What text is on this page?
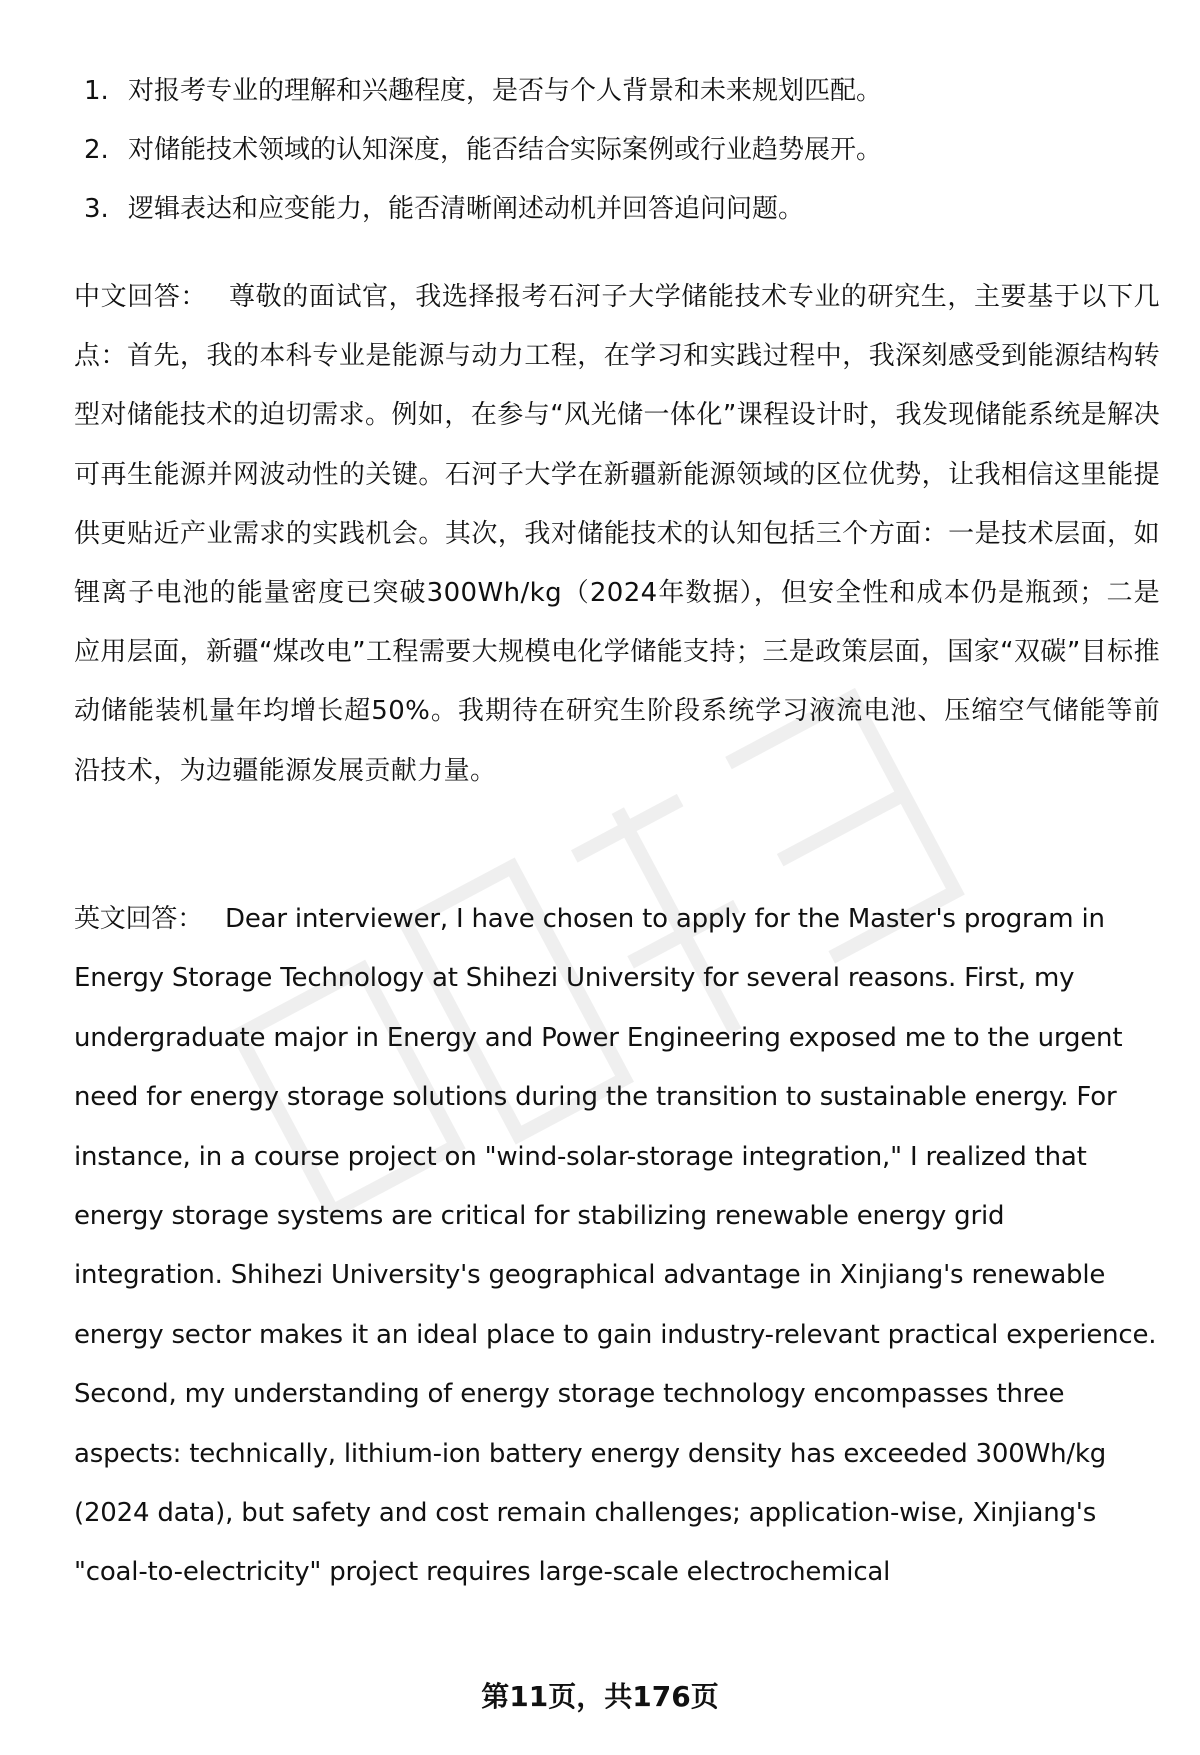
1. 对报考专业的理解和兴趣程度，是否与个人背景和未来规划匹配。
2. 对储能技术领域的认知深度，能否结合实际案例或行业趋势展开。
3. 逻辑表达和应变能力，能否清晰阐述动机并回答追问问题。

中文回答： 尊敬的面试官，我选择报考石河子大学储能技术专业的研究生，主要基于以下几点：首先，我的本科专业是能源与动力工程，在学习和实践过程中，我深刻感受到能源结构转型对储能技术的迫切需求。例如，在参与“风光储一体化”课程设计时，我发现储能系统是解决可再生能源并网波动性的关键。石河子大学在新疆新能源领域的区位优势，让我相信这里能提供更贴近产业需求的实践机会。其次，我对储能技术的认知包括三个方面：一是技术层面，如锂离子电池的能量密度已突破300Wh/kg（2024年数据），但安全性和成本仍是瓶颈；二是应用层面，新疆“煤改电”工程需要大规模电化学储能支持；三是政策层面，国家“双碳”目标推动储能装机量年均增长超50%。我期待在研究生阶段系统学习液流电池、压缩空气储能等前沿技术，为边疆能源发展贡献力量。

英文回答： Dear interviewer, I have chosen to apply for the Master's program in Energy Storage Technology at Shihezi University for several reasons. First, my undergraduate major in Energy and Power Engineering exposed me to the urgent need for energy storage solutions during the transition to sustainable energy. For instance, in a course project on "wind-solar-storage integration," I realized that energy storage systems are critical for stabilizing renewable energy grid integration. Shihezi University's geographical advantage in Xinjiang's renewable energy sector makes it an ideal place to gain industry-relevant practical experience. Second, my understanding of energy storage technology encompasses three aspects: technically, lithium-ion battery energy density has exceeded 300Wh/kg (2024 data), but safety and cost remain challenges; application-wise, Xinjiang's "coal-to-electricity" project requires large-scale electrochemical

第11页，共176页
